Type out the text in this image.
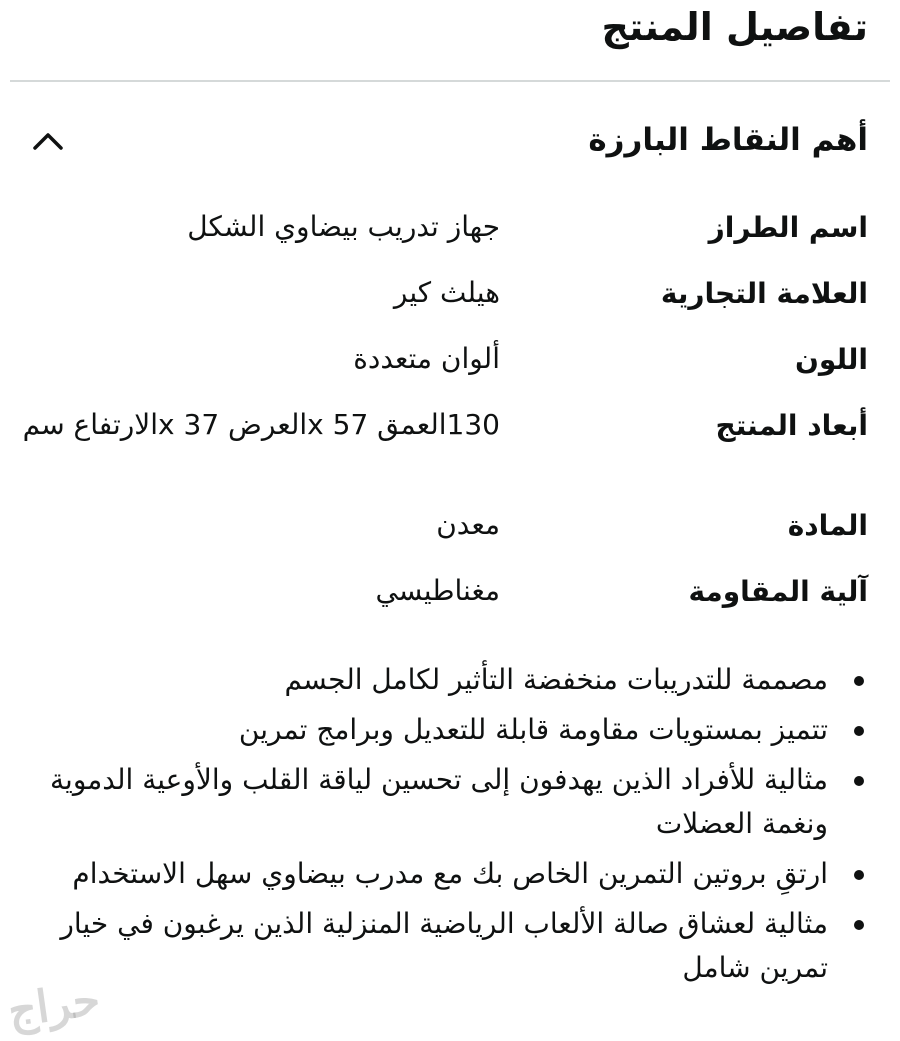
تفاصيل المنتج
أهم النقاط البارزة
اسم الطراز
جهاز تدريب بيضاوي الشكل
العلامة التجارية
هيلث كير
اللون
ألوان متعددة
أبعاد المنتج
130العمق x 57العرض x 37الارتفاع سم
المادة
معدن
آلية المقاومة
مغناطيسي
مصممة للتدريبات منخفضة التأثير لكامل الجسم
تتميز بمستويات مقاومة قابلة للتعديل وبرامج تمرين
مثالية للأفراد الذين يهدفون إلى تحسين لياقة القلب والأوعية الدموية ونغمة العضلات
ارتقِ بروتين التمرين الخاص بك مع مدرب بيضاوي سهل الاستخدام
مثالية لعشاق صالة الألعاب الرياضية المنزلية الذين يرغبون في خيار تمرين شامل
حراج
